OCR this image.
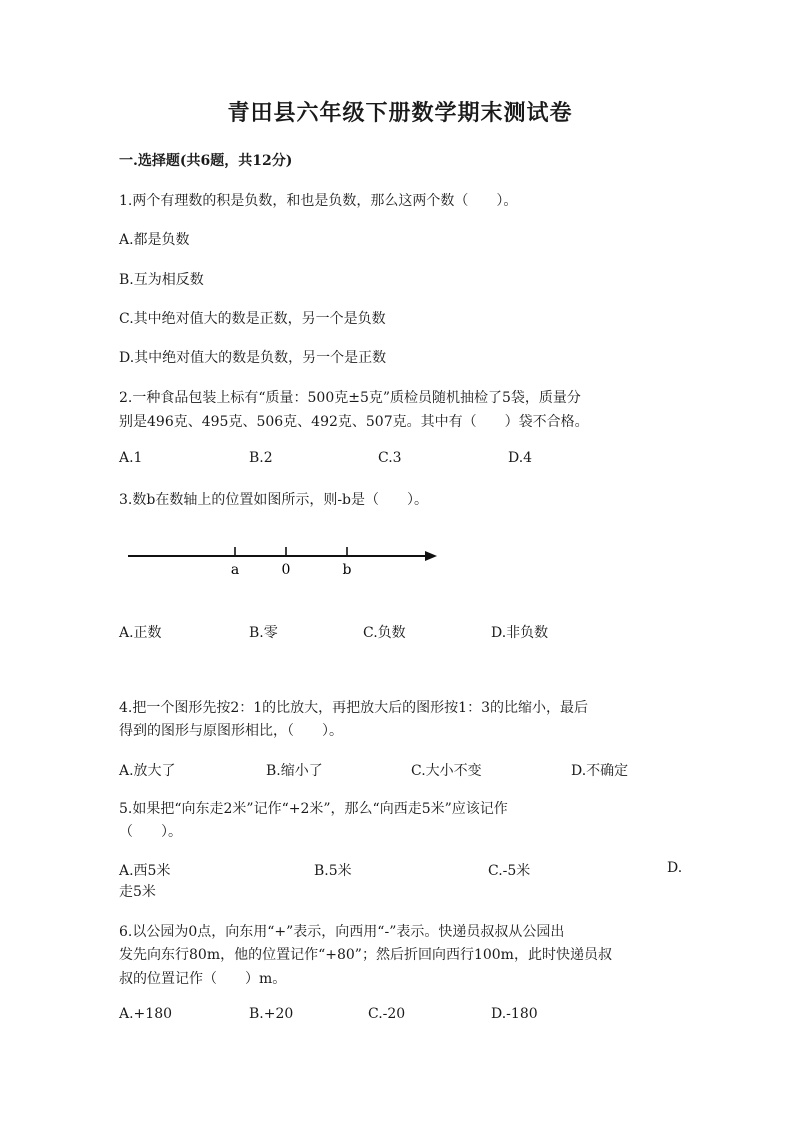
青田县六年级下册数学期末测试卷
一.选择题(共6题，共12分)
1.两个有理数的积是负数，和也是负数，那么这两个数（　　）。
A.都是负数
B.互为相反数
C.其中绝对值大的数是正数，另一个是负数
D.其中绝对值大的数是负数，另一个是正数
2.一种食品包装上标有“质量：500克±5克”质检员随机抽检了5袋，质量分
别是496克、495克、506克、492克、507克。其中有（　　）袋不合格。
A.1	B.2	C.3	D.4
3.数b在数轴上的位置如图所示，则-b是（　　）。
a	0	b
A.正数	B.零	C.负数	D.非负数
4.把一个图形先按2：1的比放大，再把放大后的图形按1：3的比缩小，最后
得到的图形与原图形相比，（　　）。
A.放大了	B.缩小了	C.大小不变	D.不确定
5.如果把“向东走2米”记作“+2米”，那么“向西走5米”应该记作
（　　）。
A.西5米	B.5米	C.-5米	D.
走5米
6.以公园为0点，向东用“+”表示，向西用“-”表示。快递员叔叔从公园出
发先向东行80m，他的位置记作“+80”；然后折回向西行100m，此时快递员叔
叔的位置记作（　　）m。
A.+180	B.+20	C.-20	D.-180
